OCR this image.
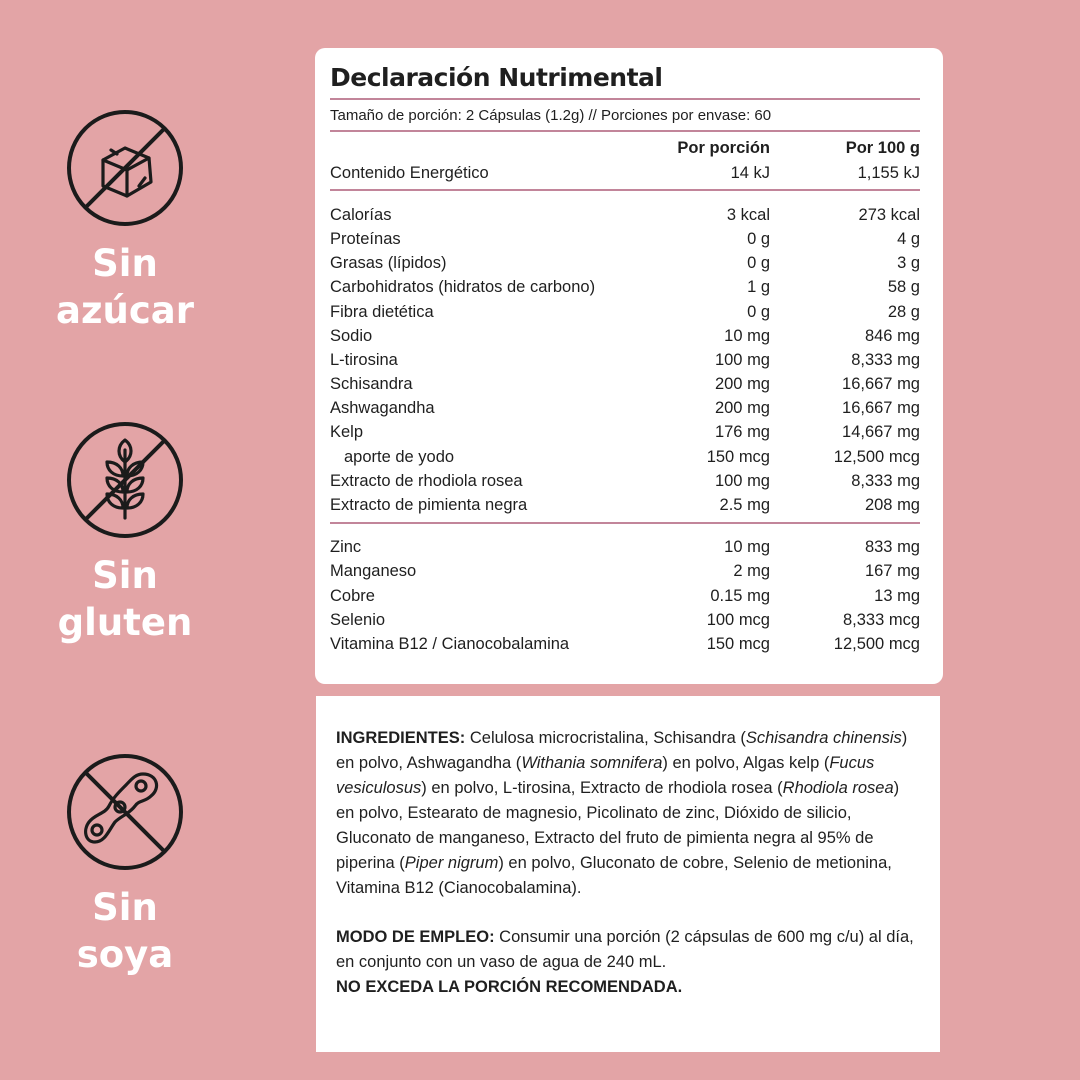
Sin
azúcar
Sin
gluten
Sin
soya
Declaración Nutrimental
Tamaño de porción: 2 Cápsulas (1.2g) // Porciones por envase: 60
Por porción	Por 100 g
Contenido Energético	14 kJ	1,155 kJ
Calorías	3 kcal	273 kcal
Proteínas	0 g	4 g
Grasas (lípidos)	0 g	3 g
Carbohidratos (hidratos de carbono)	1 g	58 g
Fibra dietética	0 g	28 g
Sodio	10 mg	846 mg
L-tirosina	100 mg	8,333 mg
Schisandra	200 mg	16,667 mg
Ashwagandha	200 mg	16,667 mg
Kelp	176 mg	14,667 mg
aporte de yodo	150 mcg	12,500 mcg
Extracto de rhodiola rosea	100 mg	8,333 mg
Extracto de pimienta negra	2.5 mg	208 mg
Zinc	10 mg	833 mg
Manganeso	2 mg	167 mg
Cobre	0.15 mg	13 mg
Selenio	100 mcg	8,333 mcg
Vitamina B12 / Cianocobalamina	150 mcg	12,500 mcg

INGREDIENTES: Celulosa microcristalina, Schisandra (Schisandra chinensis) en polvo, Ashwagandha (Withania somnifera) en polvo, Algas kelp (Fucus vesiculosus) en polvo, L-tirosina, Extracto de rhodiola rosea (Rhodiola rosea) en polvo, Estearato de magnesio, Picolinato de zinc, Dióxido de silicio, Gluconato de manganeso, Extracto del fruto de pimienta negra al 95% de piperina (Piper nigrum) en polvo, Gluconato de cobre, Selenio de metionina, Vitamina B12 (Cianocobalamina).

MODO DE EMPLEO: Consumir una porción (2 cápsulas de 600 mg c/u) al día, en conjunto con un vaso de agua de 240 mL.
NO EXCEDA LA PORCIÓN RECOMENDADA.
